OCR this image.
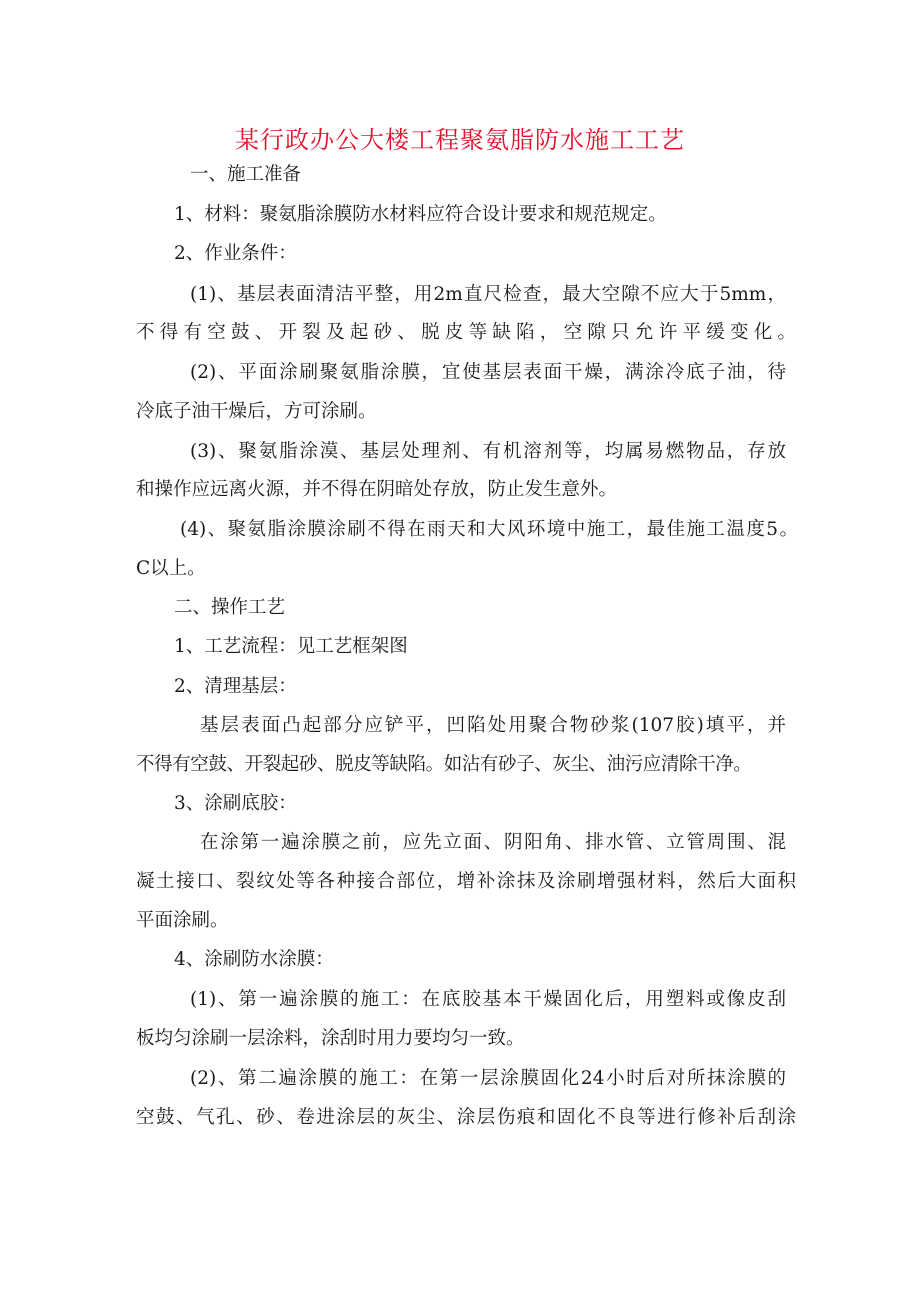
某行政办公大楼工程聚氨脂防水施工工艺
一、施工准备
1、材料：聚氨脂涂膜防水材料应符合设计要求和规范规定。
2、作业条件：
(1)、基层表面清洁平整，用2m直尺检查，最大空隙不应大于5mm，
不得有空鼓、开裂及起砂、脱皮等缺陷，空隙只允许平缓变化。
(2)、平面涂刷聚氨脂涂膜，宜使基层表面干燥，满涂冷底子油，待
冷底子油干燥后，方可涂刷。
(3)、聚氨脂涂漠、基层处理剂、有机溶剂等，均属易燃物品，存放
和操作应远离火源，并不得在阴暗处存放，防止发生意外。
(4)、聚氨脂涂膜涂刷不得在雨天和大风环境中施工，最佳施工温度5。
C以上。
二、操作工艺
1、工艺流程：见工艺框架图
2、清理基层：
基层表面凸起部分应铲平，凹陷处用聚合物砂浆(107胶)填平，并
不得有空鼓、开裂起砂、脱皮等缺陷。如沾有砂子、灰尘、油污应清除干净。
3、涂刷底胶：
在涂第一遍涂膜之前，应先立面、阴阳角、排水管、立管周围、混
凝土接口、裂纹处等各种接合部位，增补涂抹及涂刷增强材料，然后大面积
平面涂刷。
4、涂刷防水涂膜：
(1)、第一遍涂膜的施工：在底胶基本干燥固化后，用塑料或像皮刮
板均匀涂刷一层涂料，涂刮时用力要均匀一致。
(2)、第二遍涂膜的施工：在第一层涂膜固化24小时后对所抹涂膜的
空鼓、气孔、砂、卷进涂层的灰尘、涂层伤痕和固化不良等进行修补后刮涂
